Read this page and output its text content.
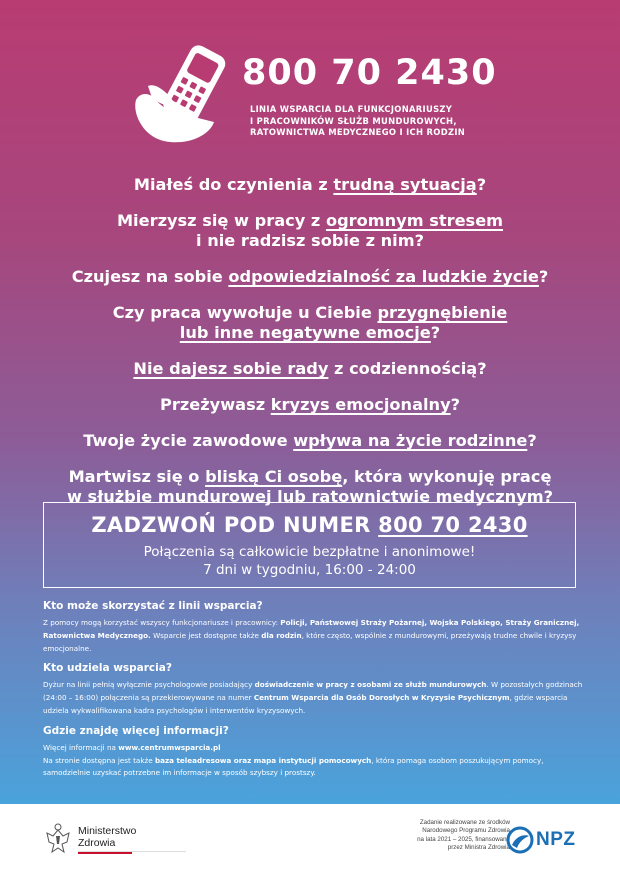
800 70 2430
LINIA WSPARCIA DLA FUNKCJONARIUSZY
I PRACOWNIKÓW SŁUŻB MUNDUROWYCH,
RATOWNICTWA MEDYCZNEGO I ICH RODZIN
Miałeś do czynienia z trudną sytuacją?
Mierzysz się w pracy z ogromnym stresem
i nie radzisz sobie z nim?
Czujesz na sobie odpowiedzialność za ludzkie życie?
Czy praca wywołuje u Ciebie przygnębienie
lub inne negatywne emocje?
Nie dajesz sobie rady z codziennością?
Przeżywasz kryzys emocjonalny?
Twoje życie zawodowe wpływa na życie rodzinne?
Martwisz się o bliską Ci osobę, która wykonuję pracę
w służbie mundurowej lub ratownictwie medycznym?
ZADZWOŃ POD NUMER 800 70 2430
Połączenia są całkowicie bezpłatne i anonimowe!
7 dni w tygodniu, 16:00 - 24:00
Kto może skorzystać z linii wsparcia?

Z pomocy mogą korzystać wszyscy funkcjonariusze i pracownicy: Policji, Państwowej Straży Pożarnej, Wojska Polskiego, Straży Granicznej, Ratownictwa Medycznego. Wsparcie jest dostępne także dla rodzin, które często, wspólnie z mundurowymi, przeżywają trudne chwile i kryzysy emocjonalne.

Kto udziela wsparcia?

Dyżur na linii pełnią wyłącznie psychologowie posiadający doświadczenie w pracy z osobami ze służb mundurowych. W pozostałych godzinach (24:00 – 16:00) połączenia są przekierowywane na numer Centrum Wsparcia dla Osób Dorosłych w Kryzysie Psychicznym, gdzie wsparcia udziela wykwalifikowana kadra psychologów i interwentów kryzysowych.

Gdzie znajdę więcej informacji?

Więcej informacji na www.centrumwsparcia.pl
Na stronie dostępna jest także baza teleadresowa oraz mapa instytucji pomocowych, która pomaga osobom poszukującym pomocy, samodzielnie uzyskać potrzebne im informacje w sposób szybszy i prostszy.

Ministerstwo
Zdrowia
Zadanie realizowane ze środków
Narodowego Programu Zdrowia
na lata 2021 – 2025, finansowane
przez Ministra Zdrowia NPZ
